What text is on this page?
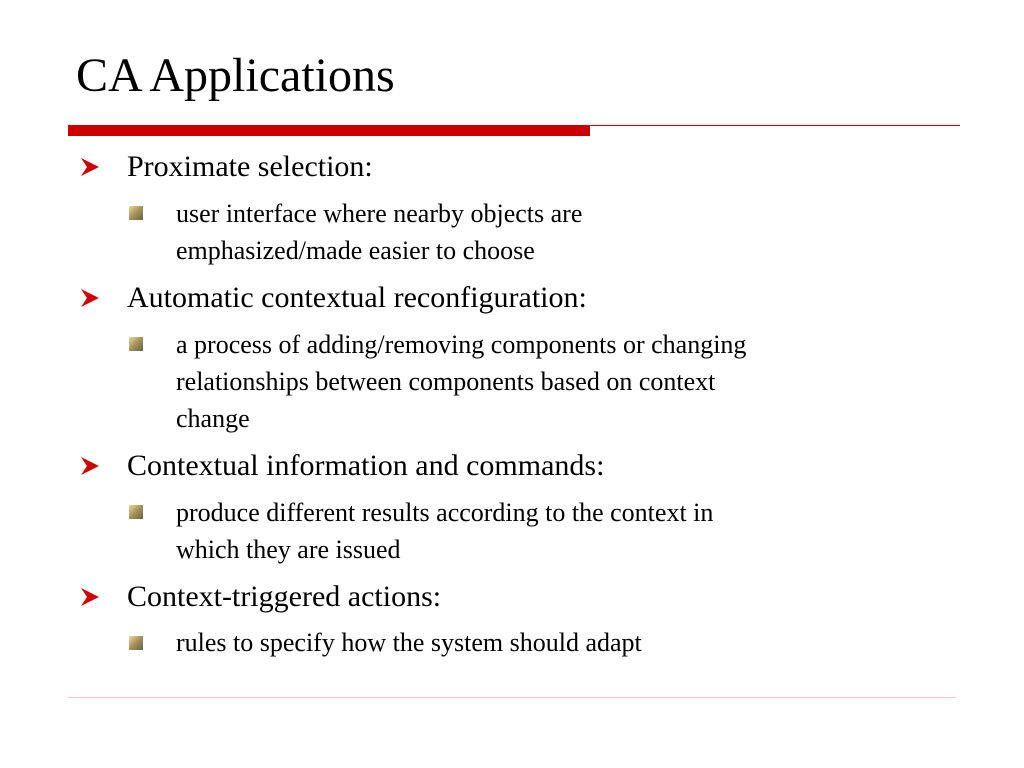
CA Applications
Proximate selection:
user interface where nearby objects are
emphasized/made easier to choose
Automatic contextual reconfiguration:
a process of adding/removing components or changing
relationships between components based on context
change
Contextual information and commands:
produce different results according to the context in
which they are issued
Context-triggered actions:
rules to specify how the system should adapt
